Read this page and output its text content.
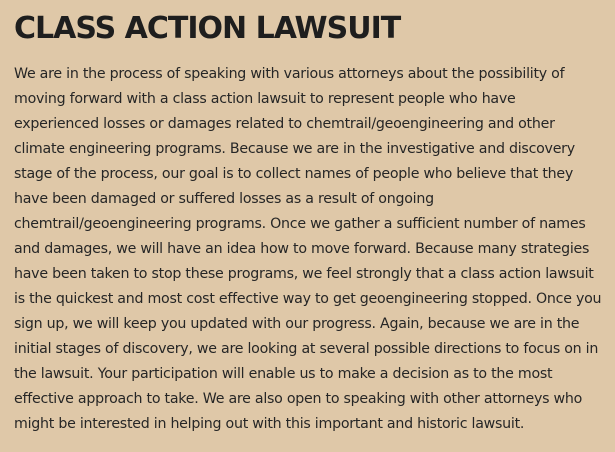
CLASS ACTION LAWSUIT

We are in the process of speaking with various attorneys about the possibility of
moving forward with a class action lawsuit to represent people who have
experienced losses or damages related to chemtrail/geoengineering and other
climate engineering programs. Because we are in the investigative and discovery
stage of the process, our goal is to collect names of people who believe that they
have been damaged or suffered losses as a result of ongoing
chemtrail/geoengineering programs. Once we gather a sufficient number of names
and damages, we will have an idea how to move forward. Because many strategies
have been taken to stop these programs, we feel strongly that a class action lawsuit
is the quickest and most cost effective way to get geoengineering stopped. Once you
sign up, we will keep you updated with our progress. Again, because we are in the
initial stages of discovery, we are looking at several possible directions to focus on in
the lawsuit. Your participation will enable us to make a decision as to the most
effective approach to take. We are also open to speaking with other attorneys who
might be interested in helping out with this important and historic lawsuit.
